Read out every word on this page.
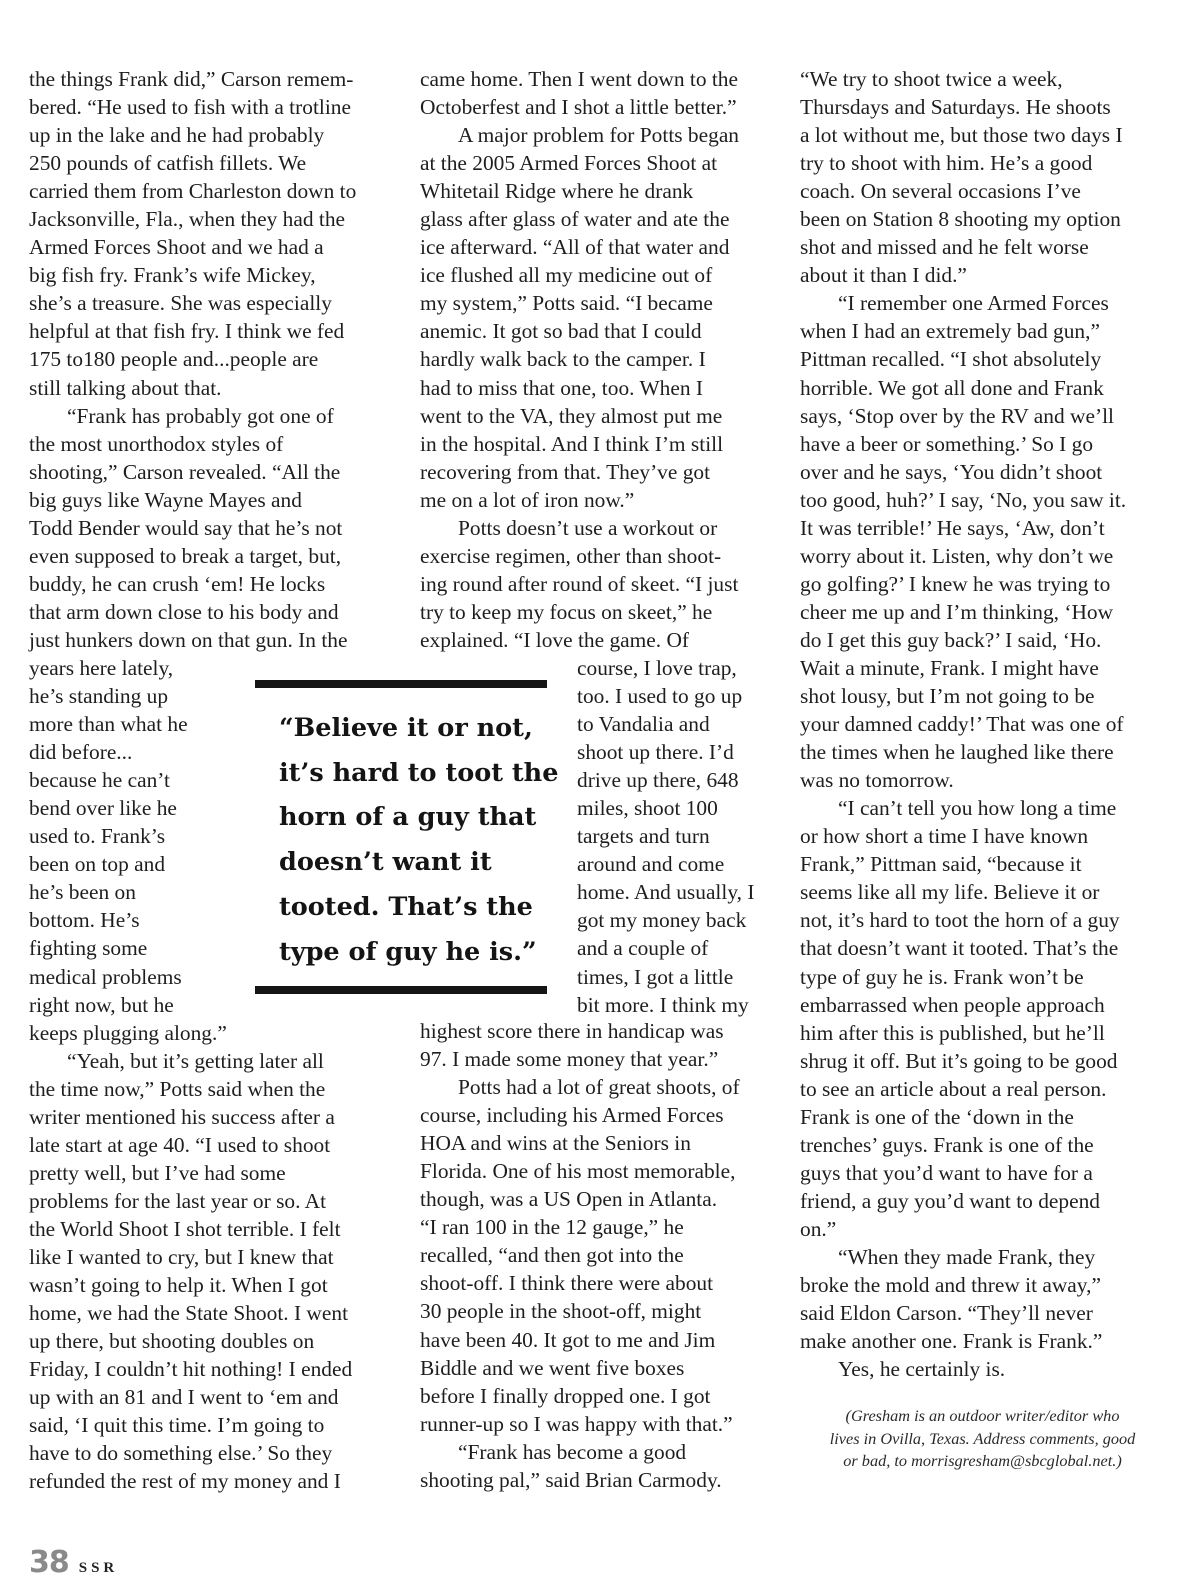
the things Frank did,” Carson remem-
bered. “He used to fish with a trotline
up in the lake and he had probably
250 pounds of catfish fillets. We
carried them from Charleston down to
Jacksonville, Fla., when they had the
Armed Forces Shoot and we had a
big fish fry. Frank’s wife Mickey,
she’s a treasure. She was especially
helpful at that fish fry. I think we fed
175 to180 people and...people are
still talking about that.

“Frank has probably got one of
the most unorthodox styles of
shooting,” Carson revealed. “All the
big guys like Wayne Mayes and
Todd Bender would say that he’s not
even supposed to break a target, but,
buddy, he can crush ‘em! He locks
that arm down close to his body and
just hunkers down on that gun. In the
years here lately,
he’s standing up
more than what he
did before...
because he can’t
bend over like he
used to. Frank’s
been on top and
he’s been on
bottom. He’s
fighting some
medical problems
right now, but he
keeps plugging along.”

“Yeah, but it’s getting later all
the time now,” Potts said when the
writer mentioned his success after a
late start at age 40. “I used to shoot
pretty well, but I’ve had some
problems for the last year or so. At
the World Shoot I shot terrible. I felt
like I wanted to cry, but I knew that
wasn’t going to help it. When I got
home, we had the State Shoot. I went
up there, but shooting doubles on
Friday, I couldn’t hit nothing! I ended
up with an 81 and I went to ‘em and
said, ‘I quit this time. I’m going to
have to do something else.’ So they
refunded the rest of my money and I

came home. Then I went down to the
Octoberfest and I shot a little better.”

A major problem for Potts began
at the 2005 Armed Forces Shoot at
Whitetail Ridge where he drank
glass after glass of water and ate the
ice afterward. “All of that water and
ice flushed all my medicine out of
my system,” Potts said. “I became
anemic. It got so bad that I could
hardly walk back to the camper. I
had to miss that one, too. When I
went to the VA, they almost put me
in the hospital. And I think I’m still
recovering from that. They’ve got
me on a lot of iron now.”

Potts doesn’t use a workout or
exercise regimen, other than shoot-
ing round after round of skeet. “I just
try to keep my focus on skeet,” he
explained. “I love the game. Of

course, I love trap,
too. I used to go up
to Vandalia and
shoot up there. I’d
drive up there, 648
miles, shoot 100
targets and turn
around and come
home. And usually, I
got my money back
and a couple of
times, I got a little
bit more. I think my

highest score there in handicap was
97. I made some money that year.”

Potts had a lot of great shoots, of
course, including his Armed Forces
HOA and wins at the Seniors in
Florida. One of his most memorable,
though, was a US Open in Atlanta.
“I ran 100 in the 12 gauge,” he
recalled, “and then got into the
shoot-off. I think there were about
30 people in the shoot-off, might
have been 40. It got to me and Jim
Biddle and we went five boxes
before I finally dropped one. I got
runner-up so I was happy with that.”

“Frank has become a good
shooting pal,” said Brian Carmody.

“We try to shoot twice a week,
Thursdays and Saturdays. He shoots
a lot without me, but those two days I
try to shoot with him. He’s a good
coach. On several occasions I’ve
been on Station 8 shooting my option
shot and missed and he felt worse
about it than I did.”

“I remember one Armed Forces
when I had an extremely bad gun,”
Pittman recalled. “I shot absolutely
horrible. We got all done and Frank
says, ‘Stop over by the RV and we’ll
have a beer or something.’ So I go
over and he says, ‘You didn’t shoot
too good, huh?’ I say, ‘No, you saw it.
It was terrible!’ He says, ‘Aw, don’t
worry about it. Listen, why don’t we
go golfing?’ I knew he was trying to
cheer me up and I’m thinking, ‘How
do I get this guy back?’ I said, ‘Ho.
Wait a minute, Frank. I might have
shot lousy, but I’m not going to be
your damned caddy!’ That was one of
the times when he laughed like there
was no tomorrow.

“I can’t tell you how long a time
or how short a time I have known
Frank,” Pittman said, “because it
seems like all my life. Believe it or
not, it’s hard to toot the horn of a guy
that doesn’t want it tooted. That’s the
type of guy he is. Frank won’t be
embarrassed when people approach
him after this is published, but he’ll
shrug it off. But it’s going to be good
to see an article about a real person.
Frank is one of the ‘down in the
trenches’ guys. Frank is one of the
guys that you’d want to have for a
friend, a guy you’d want to depend
on.”

“When they made Frank, they
broke the mold and threw it away,”
said Eldon Carson. “They’ll never
make another one. Frank is Frank.”

Yes, he certainly is.

“Believe it or not,
it’s hard to toot the
horn of a guy that
doesn’t want it
tooted. That’s the
type of guy he is.”
(Gresham is an outdoor writer/editor who
lives in Ovilla, Texas. Address comments, good
or bad, to morrisgresham@sbcglobal.net.)
38 SSR
